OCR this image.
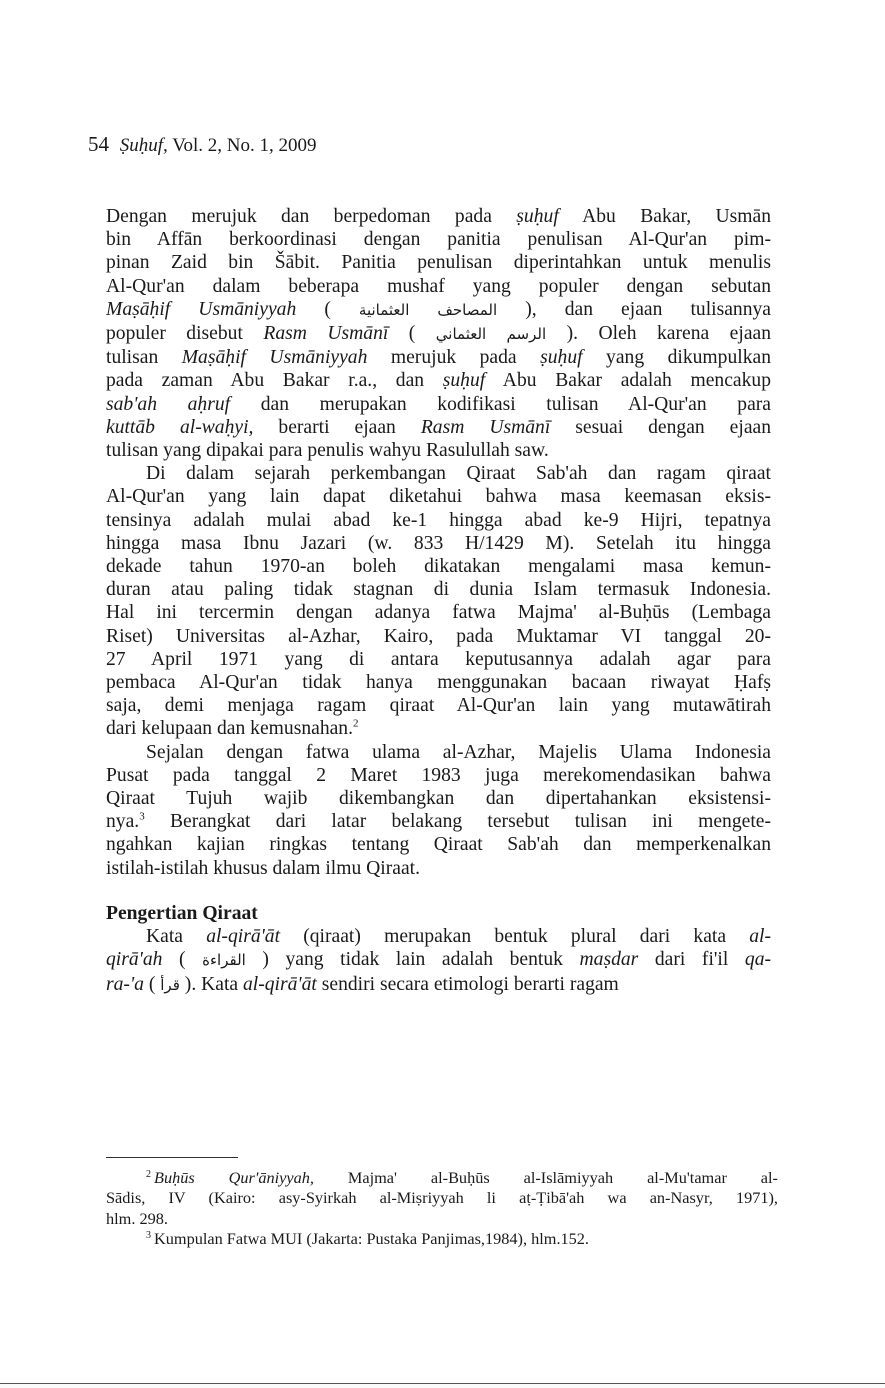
54 Ṣuḥuf, Vol. 2, No. 1, 2009

Dengan merujuk dan berpedoman pada ṣuḥuf Abu Bakar, Usmān
bin Affān berkoordinasi dengan panitia penulisan Al-Qur'an pim-
pinan Zaid bin Šābit. Panitia penulisan diperintahkan untuk menulis
Al-Qur'an dalam beberapa mushaf yang populer dengan sebutan
Maṣāḥif Usmāniyyah ( المصاحف العثمانية ), dan ejaan tulisannya
populer disebut Rasm Usmānī ( الرسم العثماني ). Oleh karena ejaan
tulisan Maṣāḥif Usmāniyyah merujuk pada ṣuḥuf yang dikumpulkan
pada zaman Abu Bakar r.a., dan ṣuḥuf Abu Bakar adalah mencakup
sab'ah aḥruf dan merupakan kodifikasi tulisan Al-Qur'an para
kuttāb al-waḥyi, berarti ejaan Rasm Usmānī sesuai dengan ejaan
tulisan yang dipakai para penulis wahyu Rasulullah saw.

Di dalam sejarah perkembangan Qiraat Sab'ah dan ragam qiraat
Al-Qur'an yang lain dapat diketahui bahwa masa keemasan eksis-
tensinya adalah mulai abad ke-1 hingga abad ke-9 Hijri, tepatnya
hingga masa Ibnu Jazari (w. 833 H/1429 M). Setelah itu hingga
dekade tahun 1970-an boleh dikatakan mengalami masa kemun-
duran atau paling tidak stagnan di dunia Islam termasuk Indonesia.
Hal ini tercermin dengan adanya fatwa Majma' al-Buḥūs (Lembaga
Riset) Universitas al-Azhar, Kairo, pada Muktamar VI tanggal 20-
27 April 1971 yang di antara keputusannya adalah agar para
pembaca Al-Qur'an tidak hanya menggunakan bacaan riwayat Ḥafṣ
saja, demi menjaga ragam qiraat Al-Qur'an lain yang mutawātirah
dari kelupaan dan kemusnahan.$^2$

Sejalan dengan fatwa ulama al-Azhar, Majelis Ulama Indonesia
Pusat pada tanggal 2 Maret 1983 juga merekomendasikan bahwa
Qiraat Tujuh wajib dikembangkan dan dipertahankan eksistensi-
nya.$^3$ Berangkat dari latar belakang tersebut tulisan ini mengete-
ngahkan kajian ringkas tentang Qiraat Sab'ah dan memperkenalkan
istilah-istilah khusus dalam ilmu Qiraat.

Pengertian Qiraat

Kata al-qirā'āt (qiraat) merupakan bentuk plural dari kata al-
qirā'ah ( القراءة ) yang tidak lain adalah bentuk maṣdar dari fi'il qa-
ra-'a ( قرأ ). Kata al-qirā'āt sendiri secara etimologi berarti ragam

$^2$ Buḥūs Qur'āniyyah, Majma' al-Buḥūs al-Islāmiyyah al-Mu'tamar al-
Sādis, IV (Kairo: asy-Syirkah al-Miṣriyyah li aṭ-Ṭibā'ah wa an-Nasyr, 1971),
hlm. 298.

$^3$ Kumpulan Fatwa MUI (Jakarta: Pustaka Panjimas,1984), hlm.152.
